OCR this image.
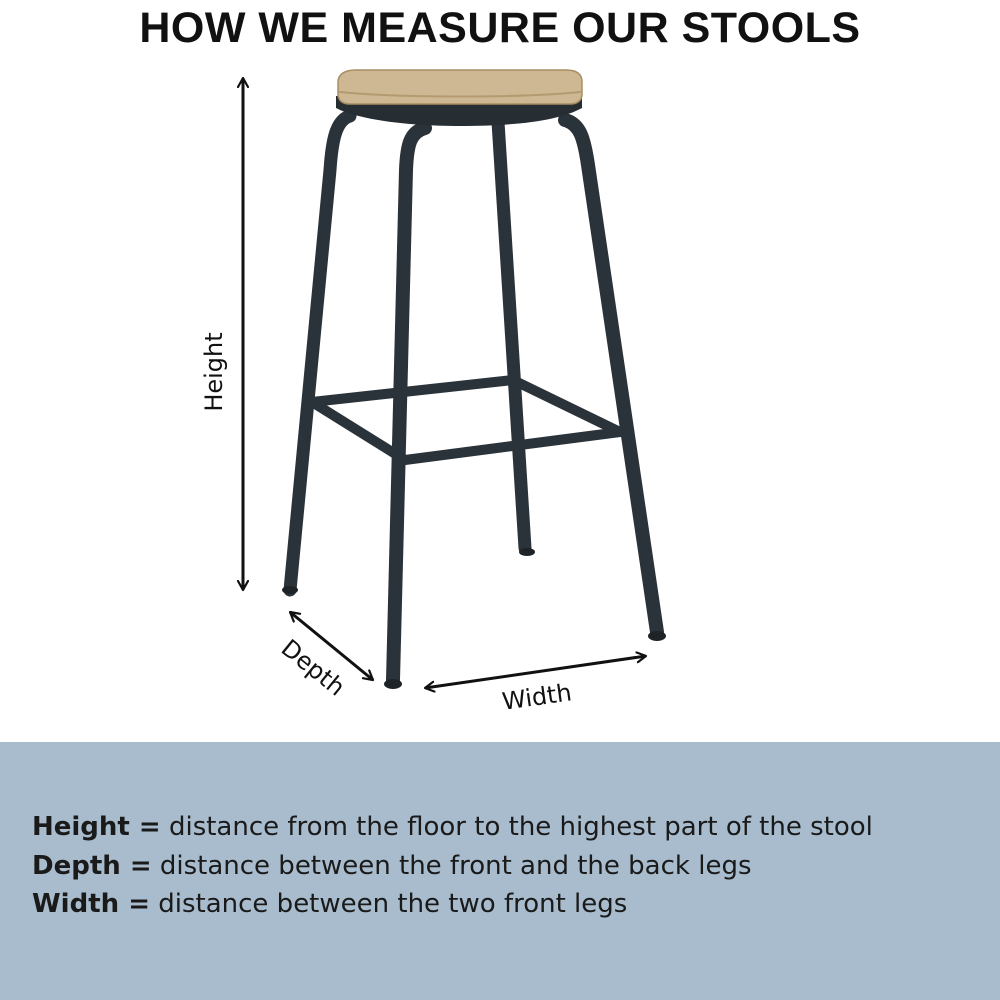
HOW WE MEASURE OUR STOOLS
Height
Depth	Width
Height = distance from the floor to the highest part of the stool
Depth = distance between the front and the back legs
Width = distance between the two front legs
